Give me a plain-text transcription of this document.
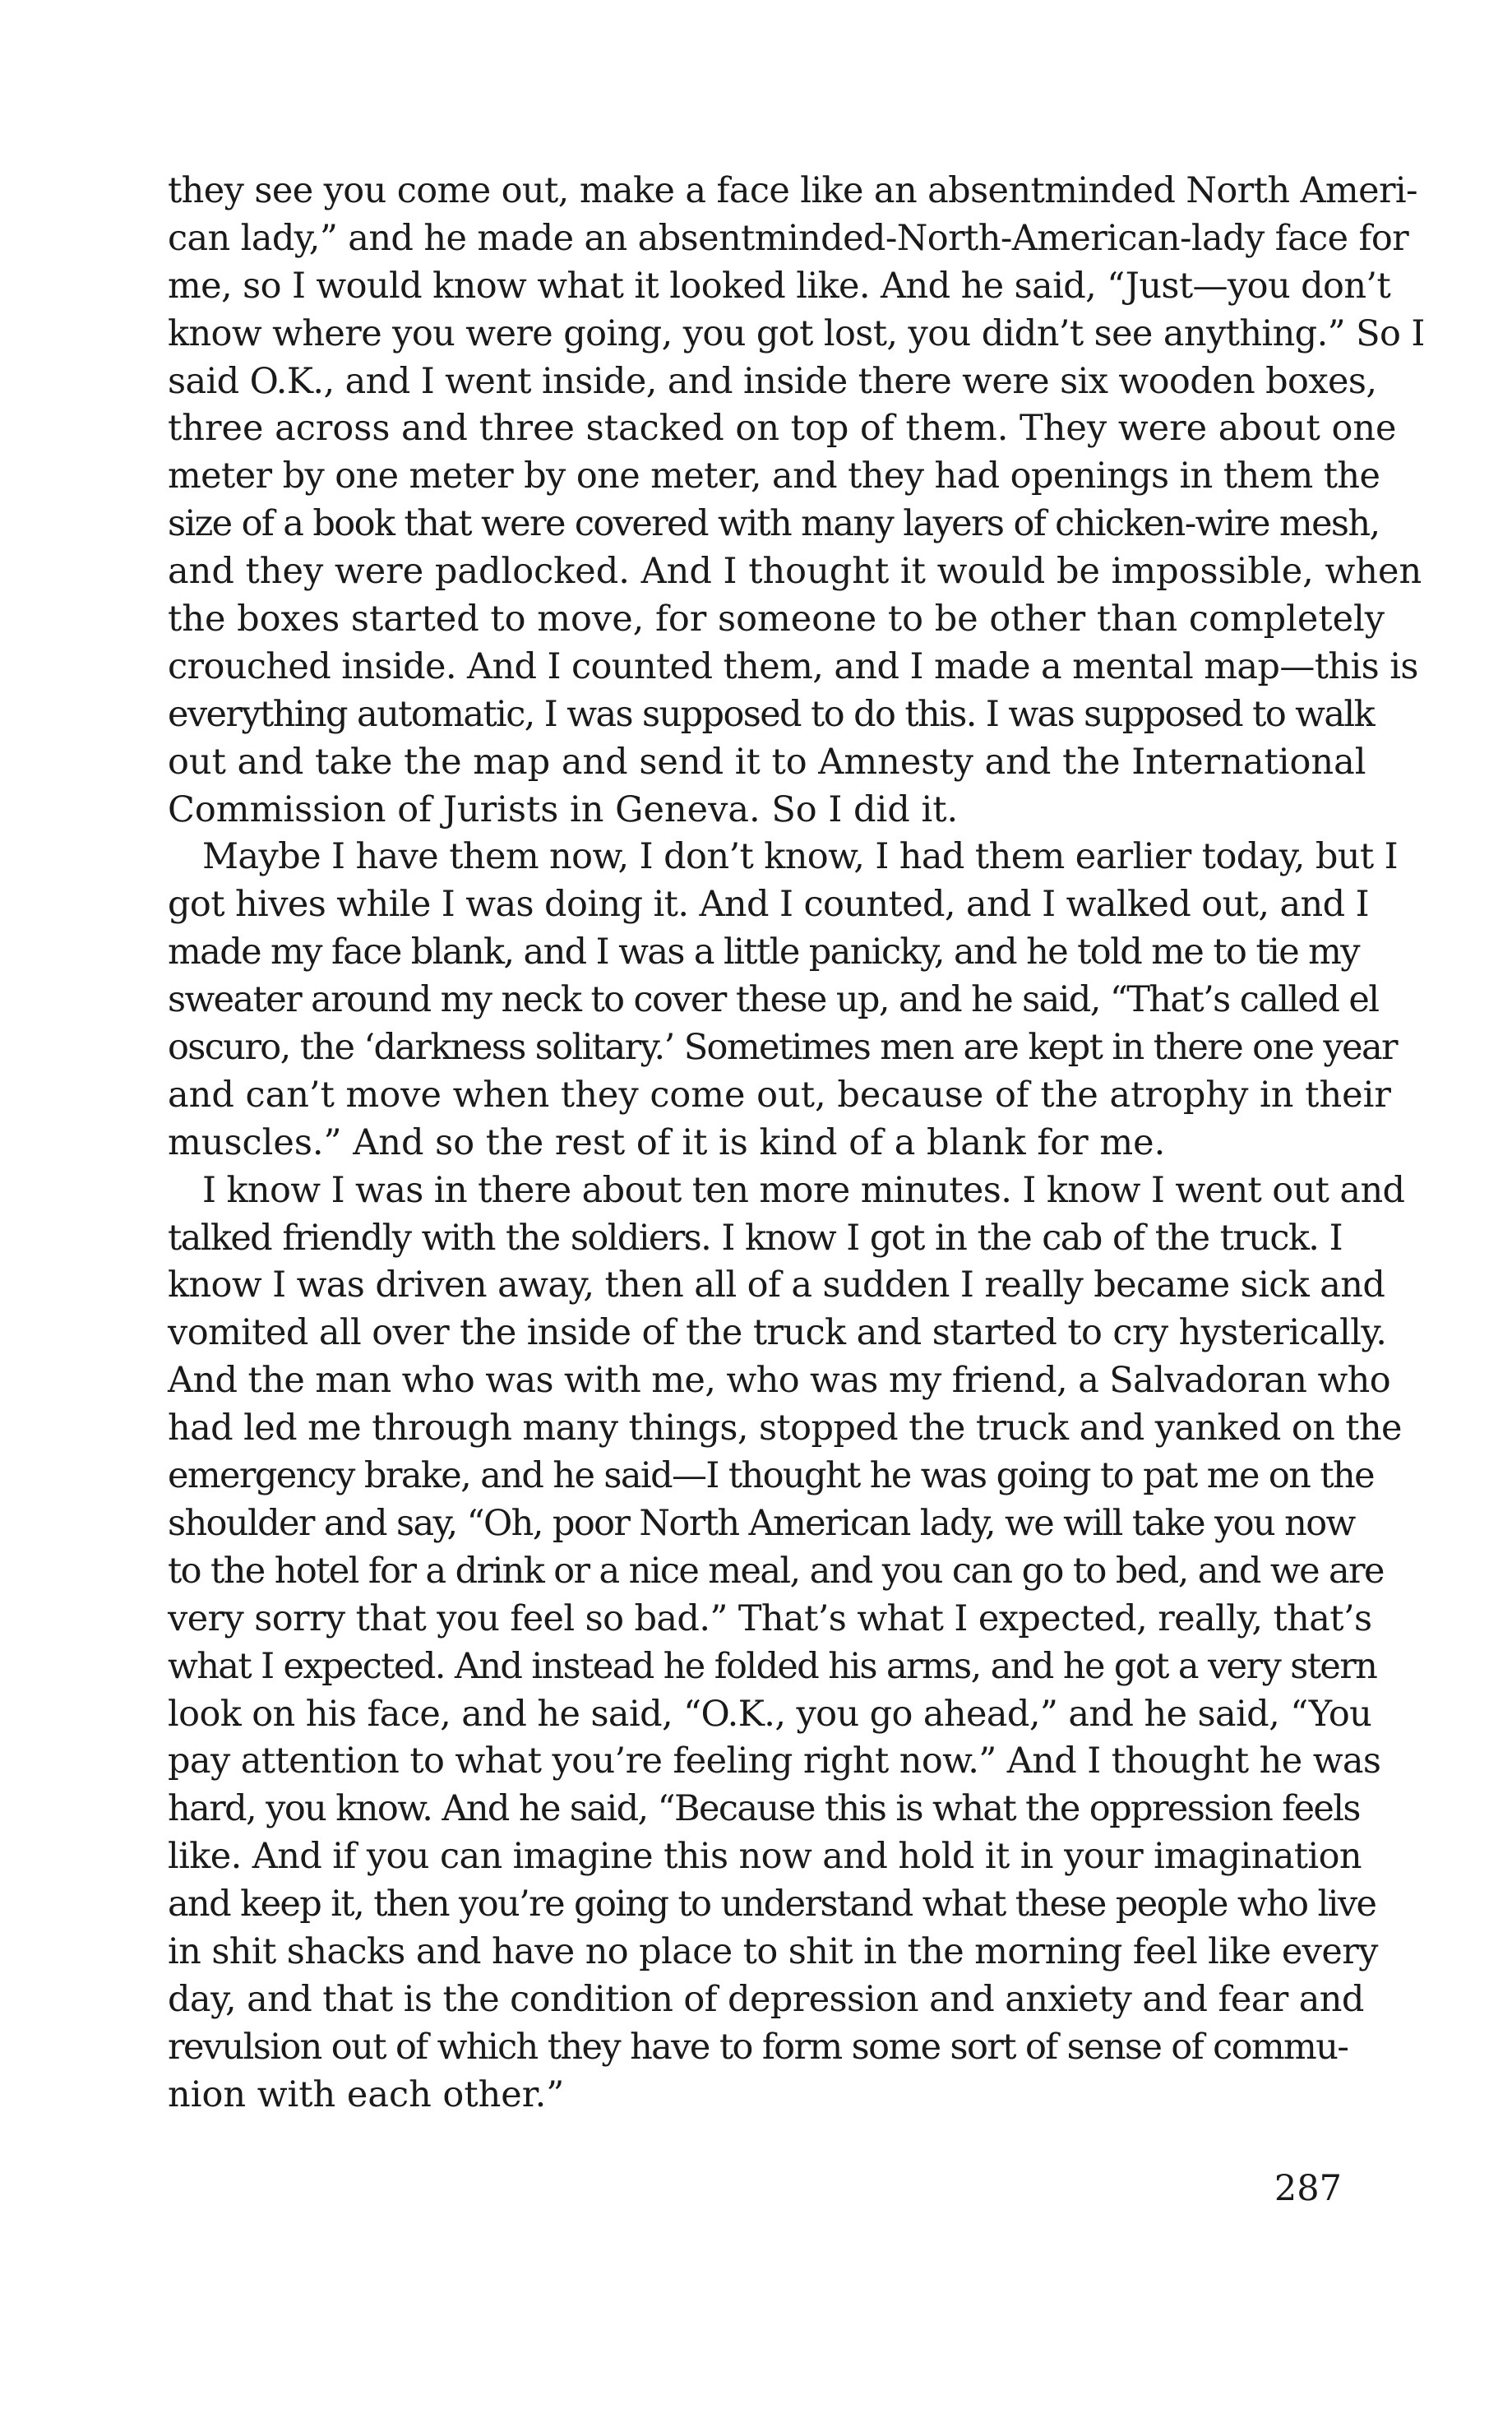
they see you come out, make a face like an absentminded North Ameri-
can lady,” and he made an absentminded-North-American-lady face for
me, so I would know what it looked like. And he said, “Just—you don’t
know where you were going, you got lost, you didn’t see anything.” So I
said O.K., and I went inside, and inside there were six wooden boxes,
three across and three stacked on top of them. They were about one
meter by one meter by one meter, and they had openings in them the
size of a book that were covered with many layers of chicken-wire mesh,
and they were padlocked. And I thought it would be impossible, when
the boxes started to move, for someone to be other than completely
crouched inside. And I counted them, and I made a mental map—this is
everything automatic, I was supposed to do this. I was supposed to walk
out and take the map and send it to Amnesty and the International
Commission of Jurists in Geneva. So I did it.
Maybe I have them now, I don’t know, I had them earlier today, but I
got hives while I was doing it. And I counted, and I walked out, and I
made my face blank, and I was a little panicky, and he told me to tie my
sweater around my neck to cover these up, and he said, “That’s called el
oscuro, the ‘darkness solitary.’ Sometimes men are kept in there one year
and can’t move when they come out, because of the atrophy in their
muscles.” And so the rest of it is kind of a blank for me.
I know I was in there about ten more minutes. I know I went out and
talked friendly with the soldiers. I know I got in the cab of the truck. I
know I was driven away, then all of a sudden I really became sick and
vomited all over the inside of the truck and started to cry hysterically.
And the man who was with me, who was my friend, a Salvadoran who
had led me through many things, stopped the truck and yanked on the
emergency brake, and he said—I thought he was going to pat me on the
shoulder and say, “Oh, poor North American lady, we will take you now
to the hotel for a drink or a nice meal, and you can go to bed, and we are
very sorry that you feel so bad.” That’s what I expected, really, that’s
what I expected. And instead he folded his arms, and he got a very stern
look on his face, and he said, “O.K., you go ahead,” and he said, “You
pay attention to what you’re feeling right now.” And I thought he was
hard, you know. And he said, “Because this is what the oppression feels
like. And if you can imagine this now and hold it in your imagination
and keep it, then you’re going to understand what these people who live
in shit shacks and have no place to shit in the morning feel like every
day, and that is the condition of depression and anxiety and fear and
revulsion out of which they have to form some sort of sense of commu-
nion with each other.”
287
